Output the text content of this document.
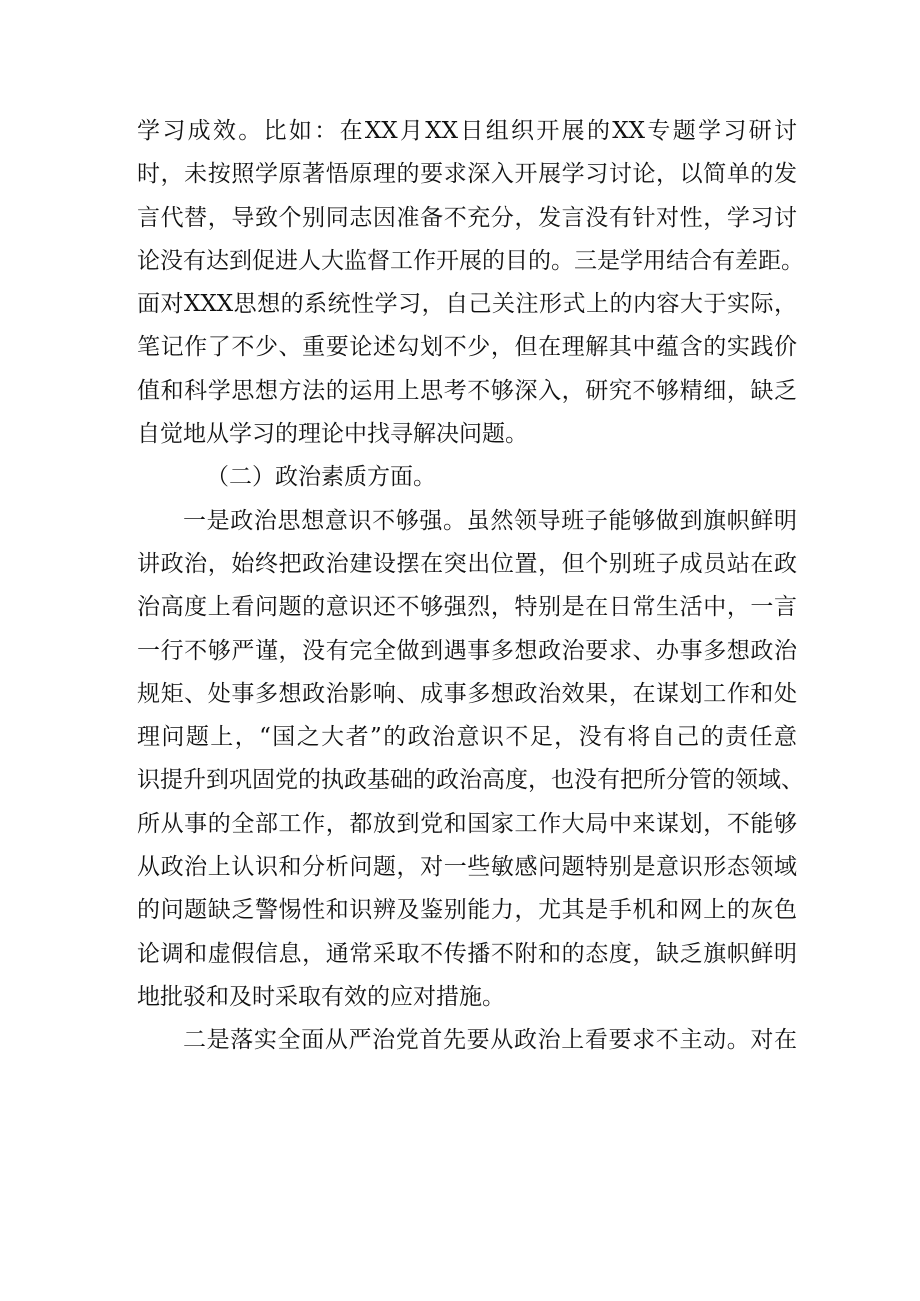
学习成效。比如：在XX月XX日组织开展的XX专题学习研讨
时，未按照学原著悟原理的要求深入开展学习讨论，以简单的发
言代替，导致个别同志因准备不充分，发言没有针对性，学习讨
论没有达到促进人大监督工作开展的目的。三是学用结合有差距。
面对XXX思想的系统性学习，自己关注形式上的内容大于实际，
笔记作了不少、重要论述勾划不少，但在理解其中蕴含的实践价
值和科学思想方法的运用上思考不够深入，研究不够精细，缺乏
自觉地从学习的理论中找寻解决问题。
（二）政治素质方面。
一是政治思想意识不够强。虽然领导班子能够做到旗帜鲜明
讲政治，始终把政治建设摆在突出位置，但个别班子成员站在政
治高度上看问题的意识还不够强烈，特别是在日常生活中，一言
一行不够严谨，没有完全做到遇事多想政治要求、办事多想政治
规矩、处事多想政治影响、成事多想政治效果，在谋划工作和处
理问题上，“国之大者”的政治意识不足，没有将自己的责任意
识提升到巩固党的执政基础的政治高度，也没有把所分管的领域、
所从事的全部工作，都放到党和国家工作大局中来谋划，不能够
从政治上认识和分析问题，对一些敏感问题特别是意识形态领域
的问题缺乏警惕性和识辨及鉴别能力，尤其是手机和网上的灰色
论调和虚假信息，通常采取不传播不附和的态度，缺乏旗帜鲜明
地批驳和及时采取有效的应对措施。
二是落实全面从严治党首先要从政治上看要求不主动。对在
